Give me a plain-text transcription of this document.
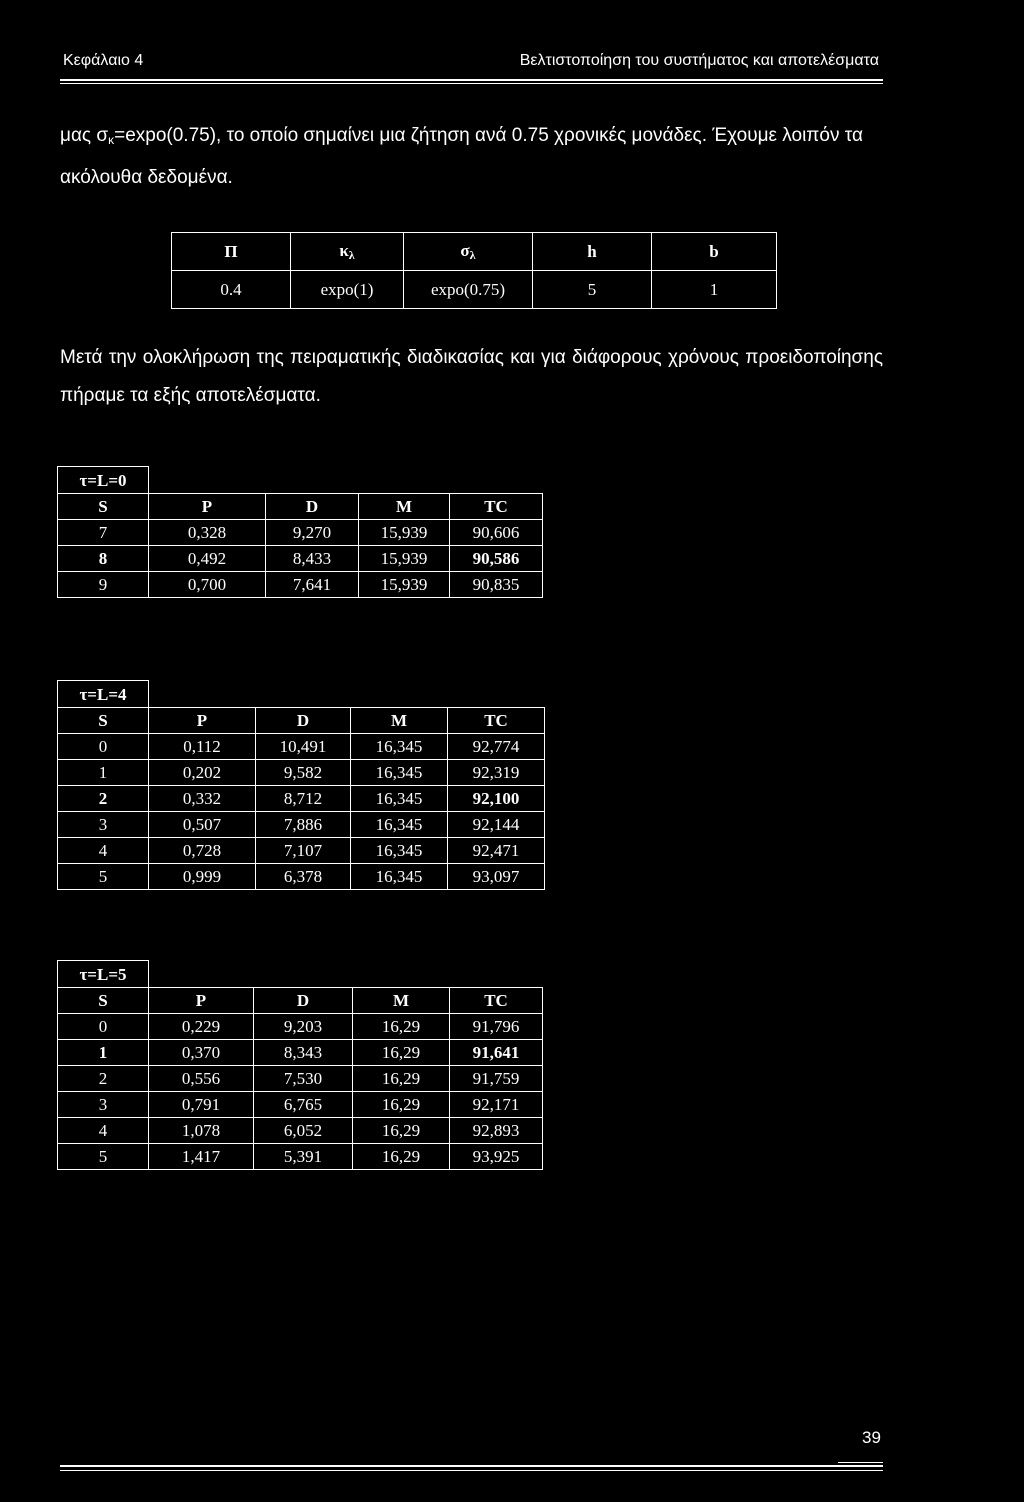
Κεφάλαιο 4	Βελτιστοποίηση του συστήματος και αποτελέσματα
μας $\sigma_\kappa=\exp o(0.75)$, το οποίο σημαίνει μια ζήτηση ανά 0.75 χρονικές μονάδες. Έχουμε λοιπόν τα ακόλουθα δεδομένα.
Π	$\kappa_\lambda$	$\sigma_\lambda$	h	b
0.4	expo(1)	expo(0.75)	5	1
Μετά την ολοκλήρωση της πειραματικής διαδικασίας και για διάφορους χρόνους προειδοποίησης πήραμε τα εξής αποτελέσματα.
τ=L=0
S	P	D	M	TC
7	0,328	9,270	15,939	90,606
8	0,492	8,433	15,939	90,586
9	0,700	7,641	15,939	90,835
τ=L=4
S	P	D	M	TC
0	0,112	10,491	16,345	92,774
1	0,202	9,582	16,345	92,319
2	0,332	8,712	16,345	92,100
3	0,507	7,886	16,345	92,144
4	0,728	7,107	16,345	92,471
5	0,999	6,378	16,345	93,097
τ=L=5
S	P	D	M	TC
0	0,229	9,203	16,29	91,796
1	0,370	8,343	16,29	91,641
2	0,556	7,530	16,29	91,759
3	0,791	6,765	16,29	92,171
4	1,078	6,052	16,29	92,893
5	1,417	5,391	16,29	93,925
39
